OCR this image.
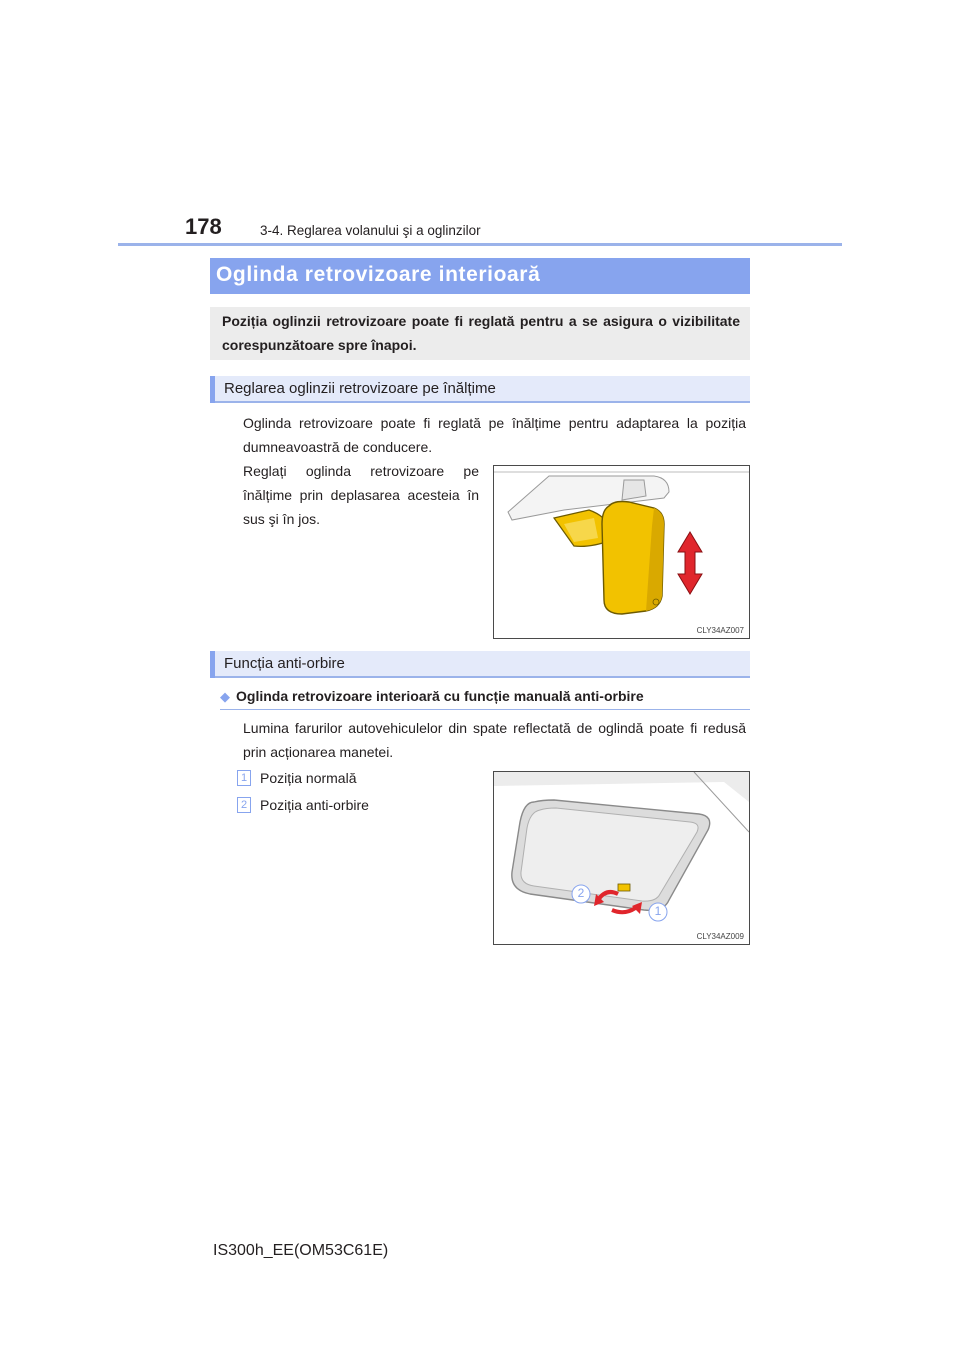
178	3-4. Reglarea volanului şi a oglinzilor
Oglinda retrovizoare interioară
Poziția oglinzii retrovizoare poate fi reglată pentru a se asigura o vizibilitate corespunzătoare spre înapoi.
Reglarea oglinzii retrovizoare pe înălțime
Oglinda retrovizoare poate fi reglată pe înălțime pentru adaptarea la poziția dumneavoastră de conducere.
Reglați oglinda retrovizoare pe înălțime prin deplasarea acesteia în sus şi în jos.
CLY34AZ007
Funcția anti-orbire
◆ Oglinda retrovizoare interioară cu funcție manuală anti-orbire
Lumina farurilor autovehiculelor din spate reflectată de oglindă poate fi redusă prin acționarea manetei.
1 Poziția normală
2 Poziția anti-orbire
2
1
CLY34AZ009
IS300h_EE(OM53C61E)
